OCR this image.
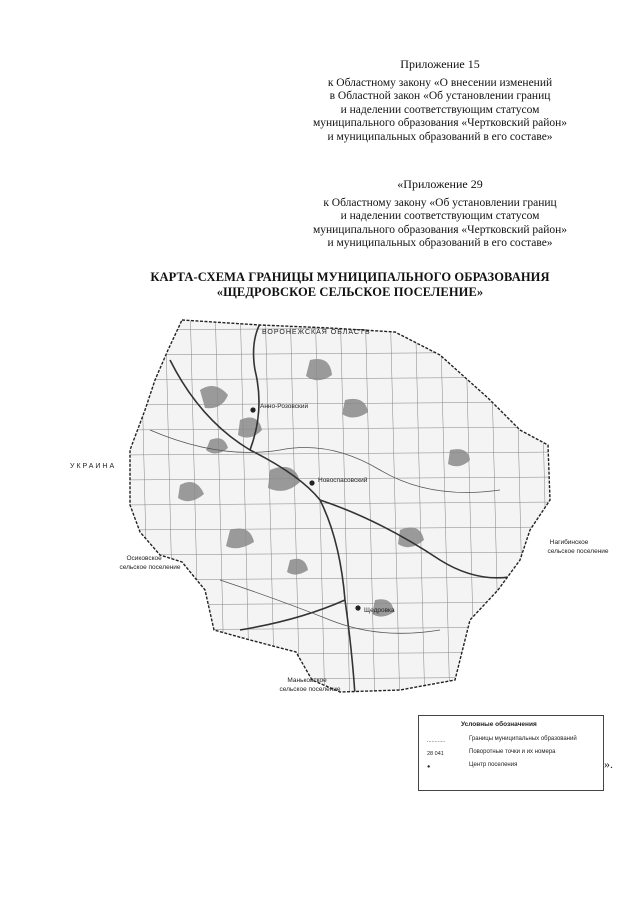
Приложение 15
к Областному закону «О внесении изменений
в Областной закон «Об установлении границ
и наделении соответствующим статусом
муниципального образования «Чертковский район»
и муниципальных образований в его составе»
«Приложение 29
к Областному закону «Об установлении границ
и наделении соответствующим статусом
муниципального образования «Чертковский район»
и муниципальных образований в его составе»
КАРТА-СХЕМА ГРАНИЦЫ МУНИЦИПАЛЬНОГО ОБРАЗОВАНИЯ
«ЩЕДРОВСКОЕ СЕЛЬСКОЕ ПОСЕЛЕНИЕ»
ВОРОНЕЖСКАЯ ОБЛАСТЬ
УКРАИНА
Анно-Розовский
Новоспасовский
Щедровка
Осиковское сельское поселение
Нагибинское сельское поселение
Маньковское сельское поселение
Условные обозначения
............	Границы муниципальных образований
28 041	Поворотные точки и их номера
●	Центр поселения	».
